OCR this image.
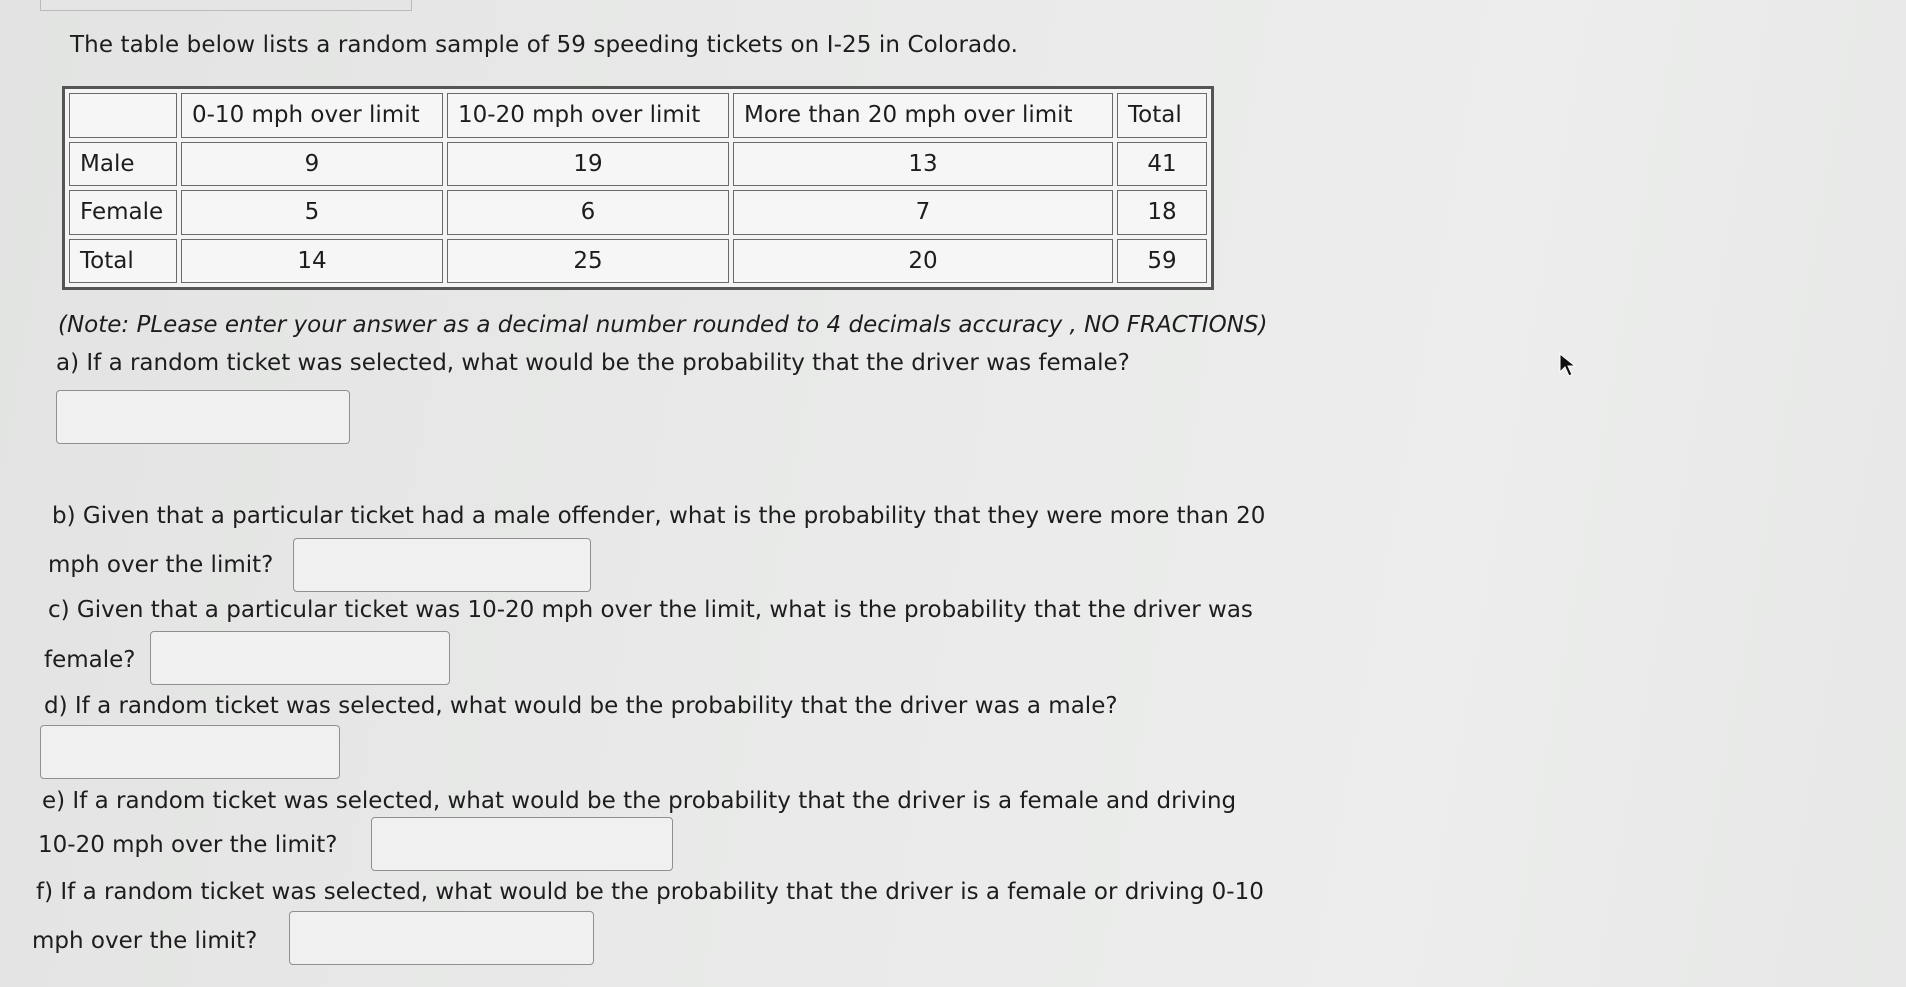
The table below lists a random sample of 59 speeding tickets on I-25 in Colorado.
	0-10 mph over limit	10-20 mph over limit	More than 20 mph over limit	Total
Male	9	19	13	41
Female	5	6	7	18
Total	14	25	20	59
(Note: PLease enter your answer as a decimal number rounded to 4 decimals accuracy , NO FRACTIONS)
a) If a random ticket was selected, what would be the probability that the driver was female?
b) Given that a particular ticket had a male offender, what is the probability that they were more than 20
mph over the limit?
c) Given that a particular ticket was 10-20 mph over the limit, what is the probability that the driver was
female?
d) If a random ticket was selected, what would be the probability that the driver was a male?
e) If a random ticket was selected, what would be the probability that the driver is a female and driving
10-20 mph over the limit?
f) If a random ticket was selected, what would be the probability that the driver is a female or driving 0-10
mph over the limit?
